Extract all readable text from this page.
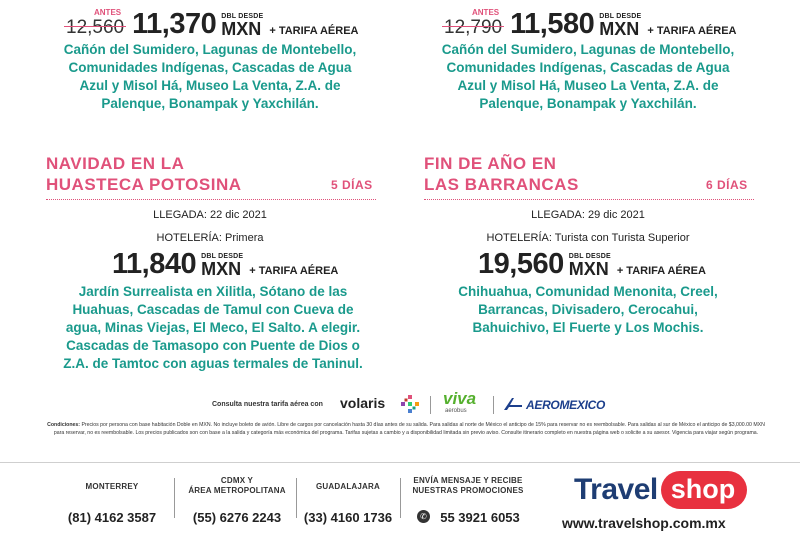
ANTES
12,560 11,370 DBL DESDE
MXN + TARIFA AÉREA
Cañón del Sumidero, Lagunas de Montebello,
Comunidades Indígenas, Cascadas de Agua
Azul y Misol Há, Museo La Venta, Z.A. de
Palenque, Bonampak y Yaxchilán.
ANTES
12,790 11,580 DBL DESDE
MXN + TARIFA AÉREA
Cañón del Sumidero, Lagunas de Montebello,
Comunidades Indígenas, Cascadas de Agua
Azul y Misol Há, Museo La Venta, Z.A. de
Palenque, Bonampak y Yaxchilán.
NAVIDAD EN LA
HUASTECA POTOSINA	5 DÍAS
LLEGADA: 22 dic 2021
HOTELERÍA: Primera
11,840 DBL DESDE
MXN + TARIFA AÉREA
Jardín Surrealista en Xilitla, Sótano de las
Huahuas, Cascadas de Tamul con Cueva de
agua, Minas Viejas, El Meco, El Salto. A elegir.
Cascadas de Tamasopo con Puente de Dios o
Z.A. de Tamtoc con aguas termales de Taninul.
FIN DE AÑO EN
LAS BARRANCAS	6 DÍAS
LLEGADA: 29 dic 2021
HOTELERÍA: Turista con Turista Superior
19,560 DBL DESDE
MXN + TARIFA AÉREA
Chihuahua, Comunidad Menonita, Creel,
Barrancas, Divisadero, Cerocahui,
Bahuichivo, El Fuerte y Los Mochis.
Consulta nuestra tarifa aérea con volaris	viva
aerobus	AEROMEXICO
Condiciones: Precios por persona con base habitación Doble en MXN. No incluye boleto de avión. Libre de cargos por cancelación hasta 30 días antes de su salida. Para salidas al norte de México el anticipo de 15% para reservar no es reembolsable. Para salidas al sur de México el anticipo de $3,000.00 MXN para reservar, no es reembolsable. Los precios publicados son con base a la salida y categoría más económica del programa. Tarifas sujetas a cambio y a disponibilidad limitada sin previo aviso. Consulte itinerario completo en nuestra página web o solicite a su asesor. Vigencia para viajar según programa.
MONTERREY
(81) 4162 3587
CDMX Y
ÁREA METROPOLITANA
(55) 6276 2243
GUADALAJARA
(33) 4160 1736
ENVÍA MENSAJE Y RECIBE
NUESTRAS PROMOCIONES
55 3921 6053
✆
Travel shop
www.travelshop.com.mx
